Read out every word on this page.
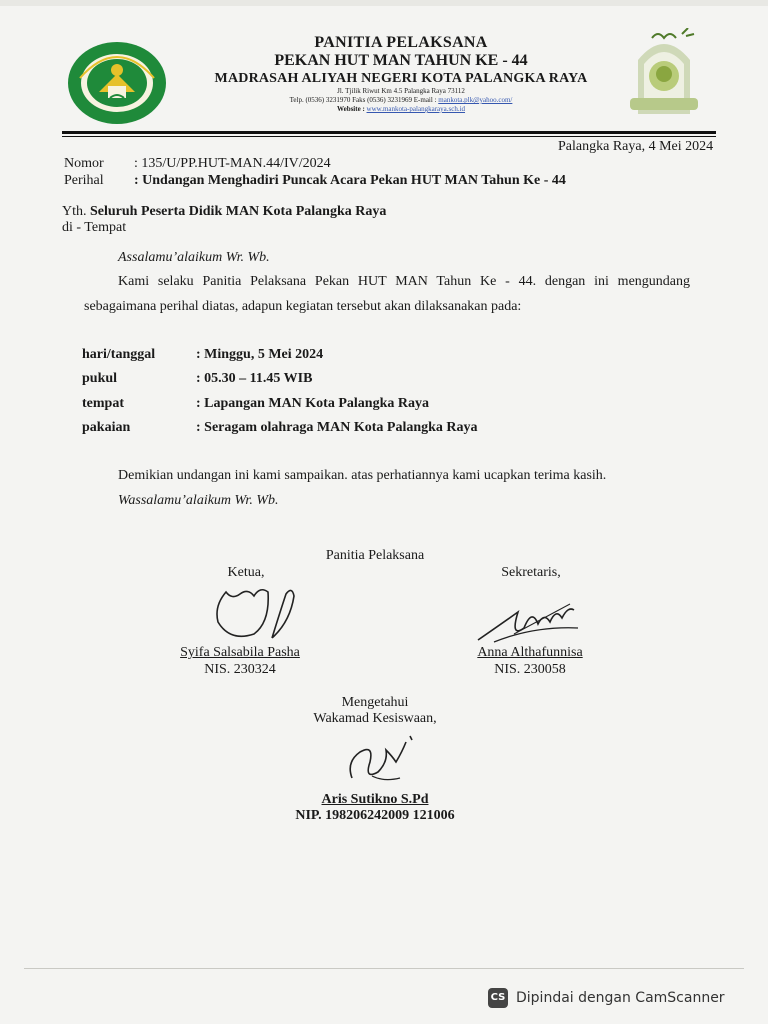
PANITIA PELAKSANA
PEKAN HUT MAN TAHUN KE - 44
MADRASAH ALIYAH NEGERI KOTA PALANGKA RAYA
Jl. Tjilik Riwut Km 4.5 Palangka Raya 73112
Telp. (0536) 3231970 Faks (0536) 3231969 E-mail : mankota.plk@yahoo.com/
Website : www.mankota-palangkaraya.sch.id
Palangka Raya, 4 Mei 2024
Nomor : 135/U/PP.HUT-MAN.44/IV/2024
Perihal : Undangan Menghadiri Puncak Acara Pekan HUT MAN Tahun Ke - 44
Yth. Seluruh Peserta Didik MAN Kota Palangka Raya
di - Tempat
Assalamu’alaikum Wr. Wb.
Kami selaku Panitia Pelaksana Pekan HUT MAN Tahun Ke - 44. dengan ini mengundang
sebagaimana perihal diatas, adapun kegiatan tersebut akan dilaksanakan pada:
hari/tanggal	: Minggu, 5 Mei 2024
pukul	: 05.30 – 11.45 WIB
tempat	: Lapangan MAN Kota Palangka Raya
pakaian	: Seragam olahraga MAN Kota Palangka Raya
Demikian undangan ini kami sampaikan. atas perhatiannya kami ucapkan terima kasih.
Wassalamu’alaikum Wr. Wb.
Panitia Pelaksana
Ketua,
Syifa Salsabila Pasha
NIS. 230324
Sekretaris,
Anna Althafunnisa
NIS. 230058
Mengetahui
Wakamad Kesiswaan,
Aris Sutikno S.Pd
NIP. 198206242009 121006
CS Dipindai dengan CamScanner
